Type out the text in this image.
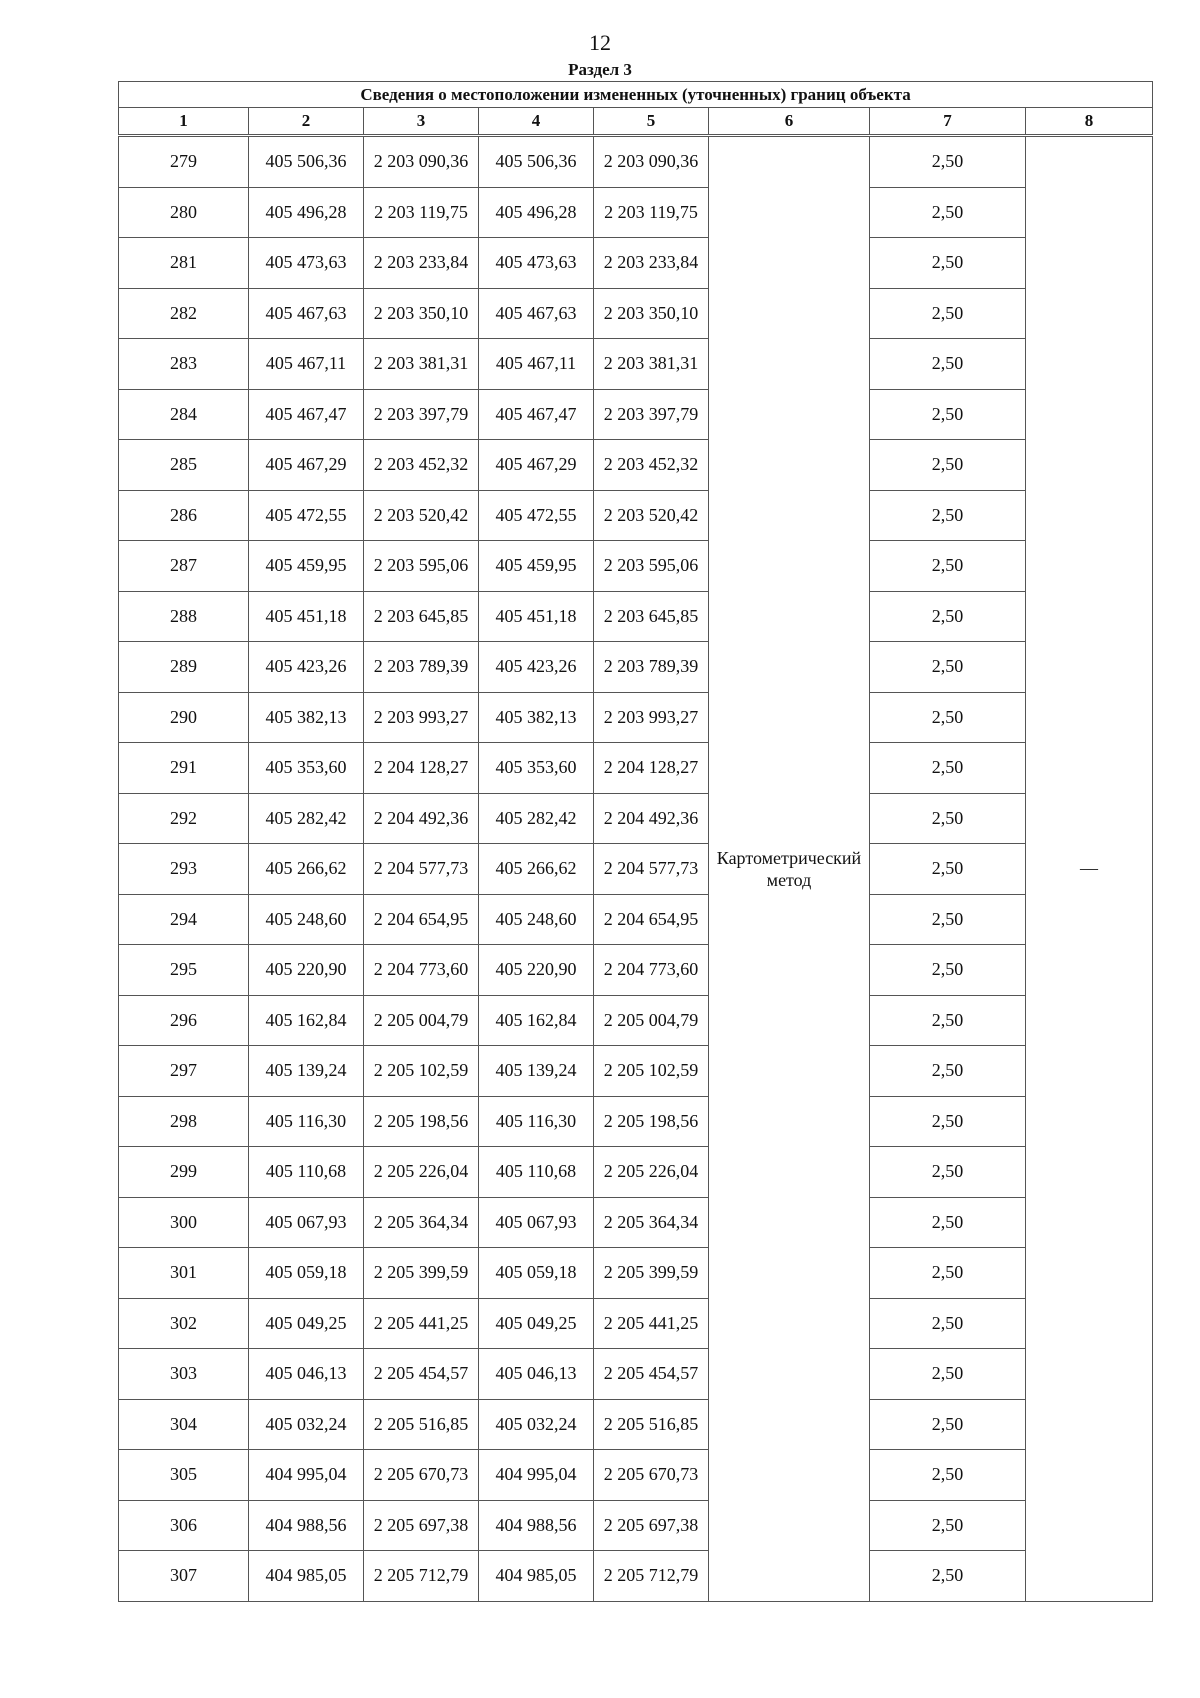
12
Раздел 3
Сведения о местоположении измененных (уточненных) границ объекта							
1	2	3	4	5	6	7	8
279	405 506,36	2 203 090,36	405 506,36	2 203 090,36	Картометрический метод	2,50	—
280	405 496,28	2 203 119,75	405 496,28	2 203 119,75		2,50	
281	405 473,63	2 203 233,84	405 473,63	2 203 233,84		2,50	
282	405 467,63	2 203 350,10	405 467,63	2 203 350,10		2,50	
283	405 467,11	2 203 381,31	405 467,11	2 203 381,31		2,50	
284	405 467,47	2 203 397,79	405 467,47	2 203 397,79		2,50	
285	405 467,29	2 203 452,32	405 467,29	2 203 452,32		2,50	
286	405 472,55	2 203 520,42	405 472,55	2 203 520,42		2,50	
287	405 459,95	2 203 595,06	405 459,95	2 203 595,06		2,50	
288	405 451,18	2 203 645,85	405 451,18	2 203 645,85		2,50	
289	405 423,26	2 203 789,39	405 423,26	2 203 789,39		2,50	
290	405 382,13	2 203 993,27	405 382,13	2 203 993,27		2,50	
291	405 353,60	2 204 128,27	405 353,60	2 204 128,27		2,50	
292	405 282,42	2 204 492,36	405 282,42	2 204 492,36		2,50	
293	405 266,62	2 204 577,73	405 266,62	2 204 577,73		2,50	
294	405 248,60	2 204 654,95	405 248,60	2 204 654,95		2,50	
295	405 220,90	2 204 773,60	405 220,90	2 204 773,60		2,50	
296	405 162,84	2 205 004,79	405 162,84	2 205 004,79		2,50	
297	405 139,24	2 205 102,59	405 139,24	2 205 102,59		2,50	
298	405 116,30	2 205 198,56	405 116,30	2 205 198,56		2,50	
299	405 110,68	2 205 226,04	405 110,68	2 205 226,04		2,50	
300	405 067,93	2 205 364,34	405 067,93	2 205 364,34		2,50	
301	405 059,18	2 205 399,59	405 059,18	2 205 399,59		2,50	
302	405 049,25	2 205 441,25	405 049,25	2 205 441,25		2,50	
303	405 046,13	2 205 454,57	405 046,13	2 205 454,57		2,50	
304	405 032,24	2 205 516,85	405 032,24	2 205 516,85		2,50	
305	404 995,04	2 205 670,73	404 995,04	2 205 670,73		2,50	
306	404 988,56	2 205 697,38	404 988,56	2 205 697,38		2,50	
307	404 985,05	2 205 712,79	404 985,05	2 205 712,79		2,50	
